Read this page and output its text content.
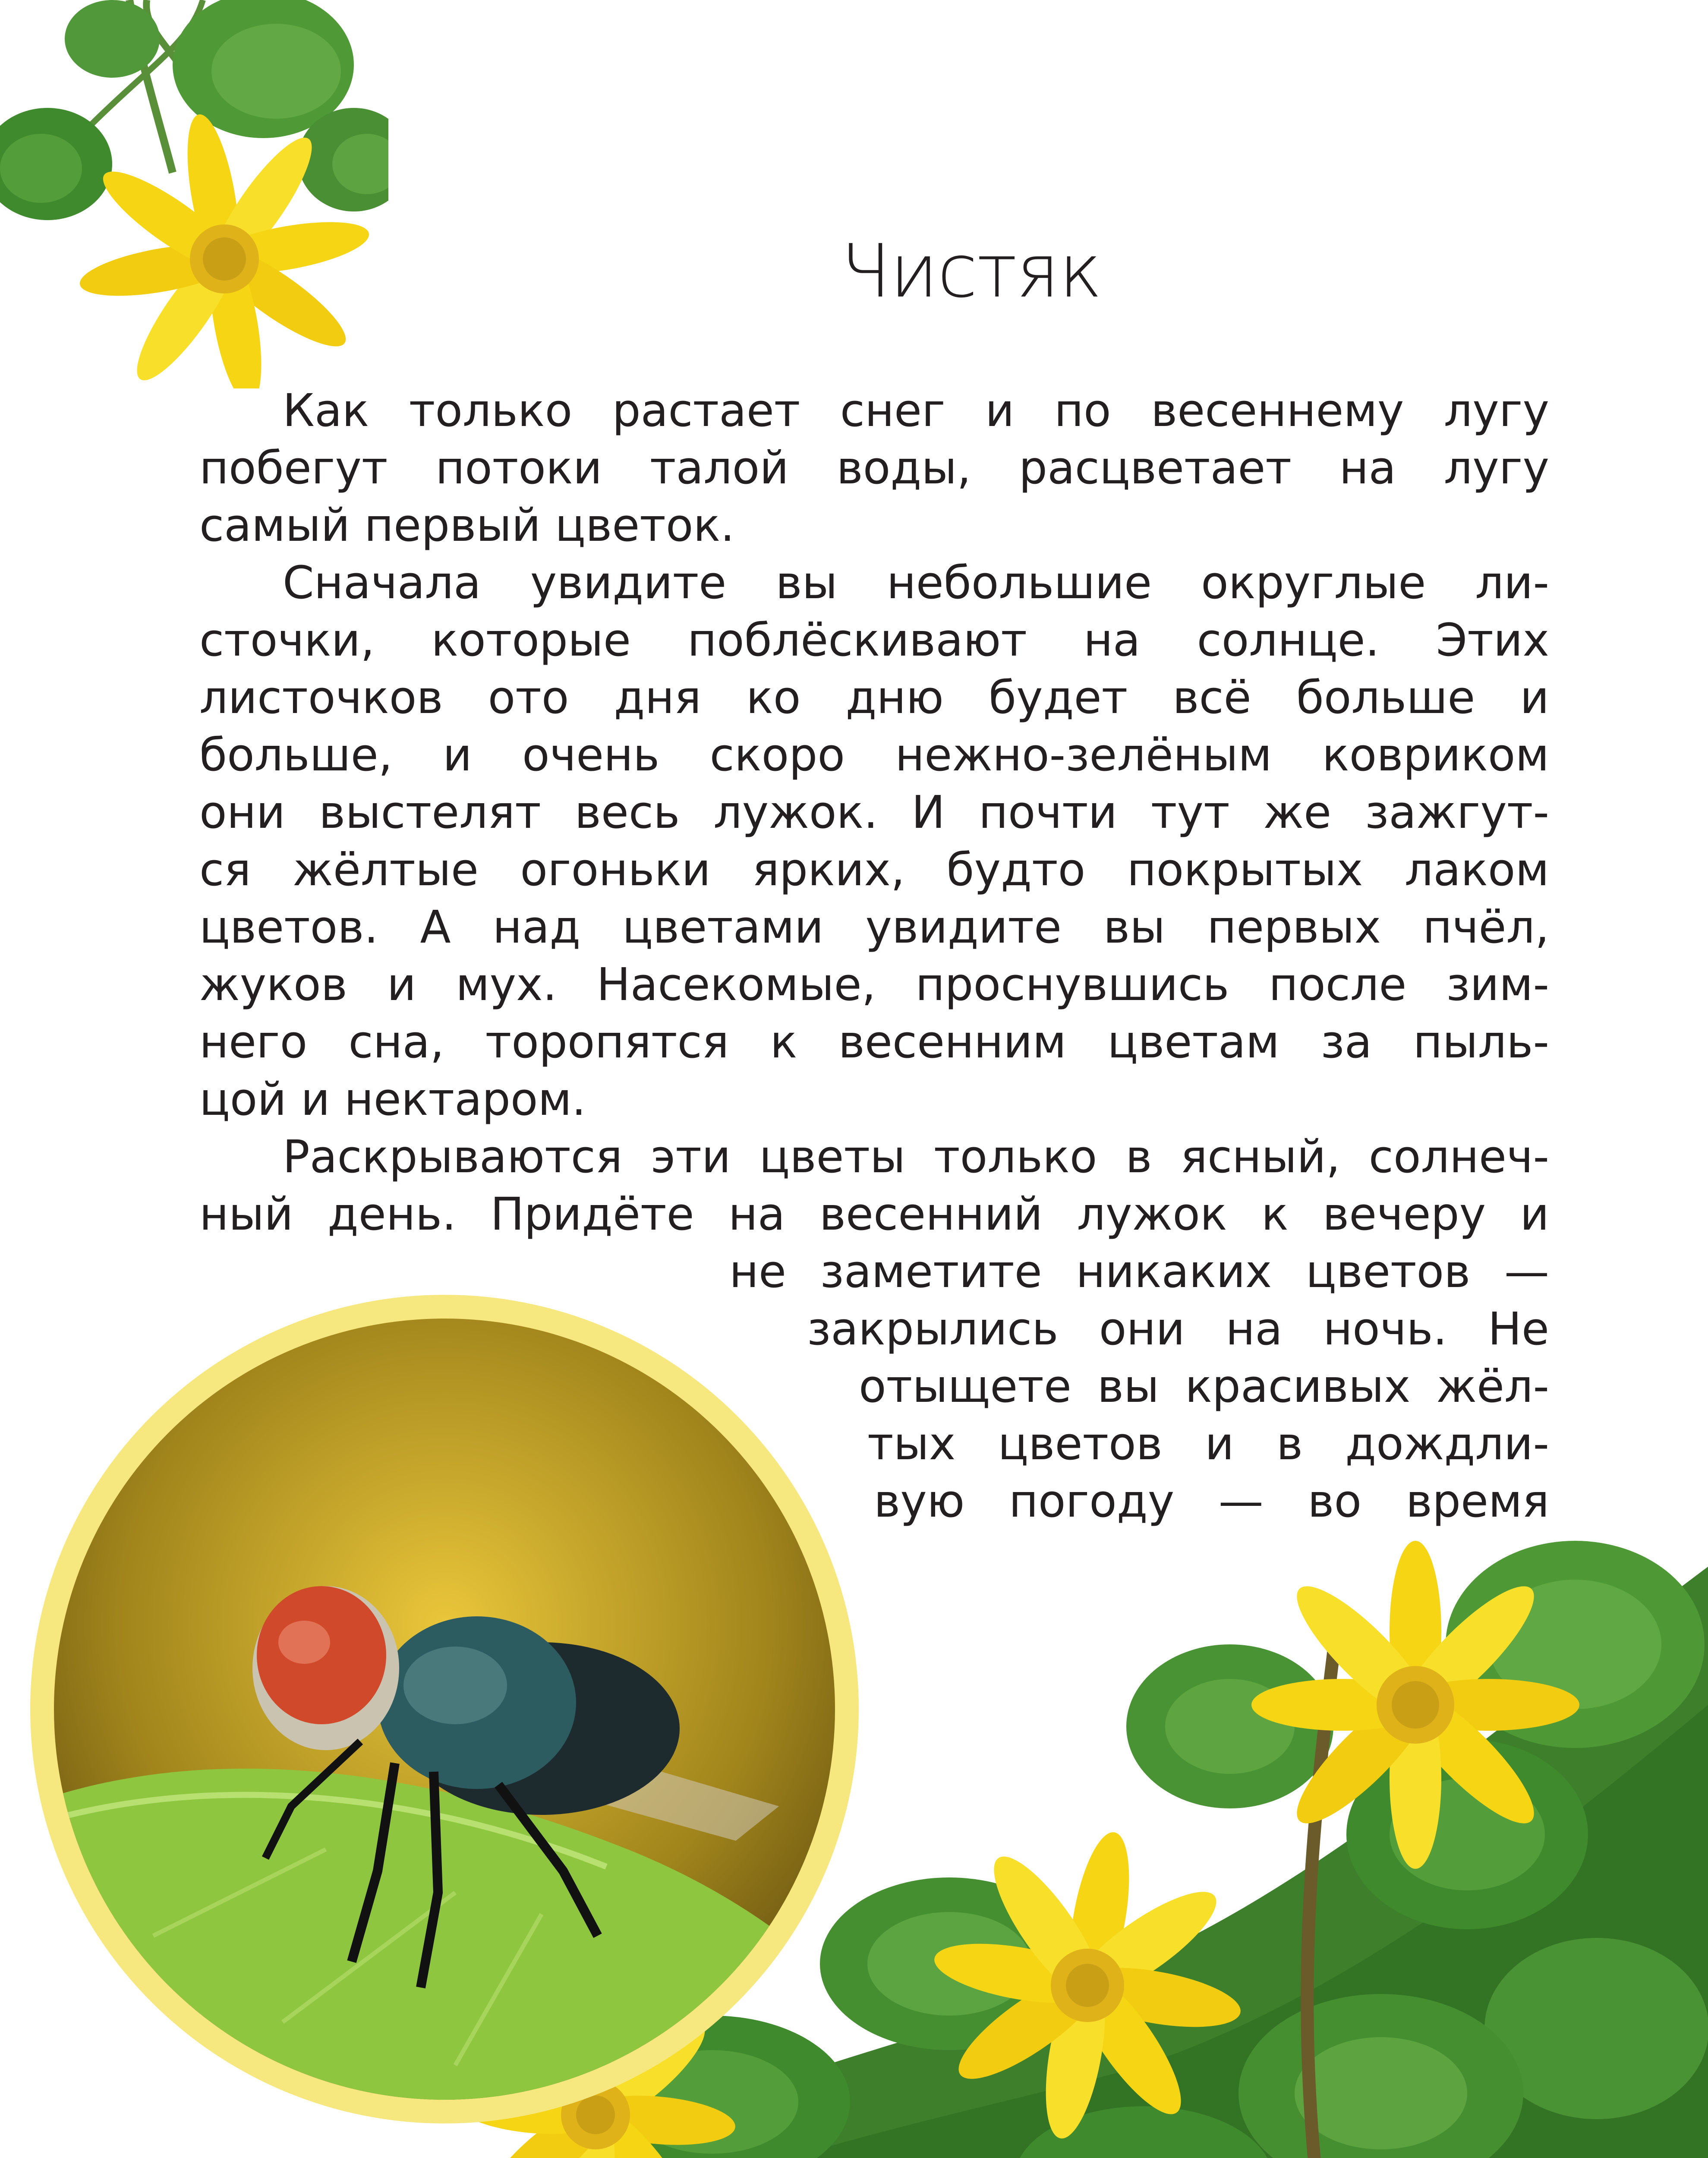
Чистяк
Как только растает снег и по весеннему лугу
побегут потоки талой воды, расцветает на лугу
самый первый цветок.
Сначала увидите вы небольшие округлые ли-
сточки, которые поблёскивают на солнце. Этих
листочков ото дня ко дню будет всё больше и
больше, и очень скоро нежно-зелёным ковриком
они выстелят весь лужок. И почти тут же зажгут-
ся жёлтые огоньки ярких, будто покрытых лаком
цветов. А над цветами увидите вы первых пчёл,
жуков и мух. Насекомые, проснувшись после зим-
него сна, торопятся к весенним цветам за пыль-
цой и нектаром.
Раскрываются эти цветы только в ясный, солнеч-
ный день. Придёте на весенний лужок к вечеру и
не заметите никаких цветов —
закрылись они на ночь. Не
отыщете вы красивых жёл-
тых цветов и в дождли-
вую погоду — во время
